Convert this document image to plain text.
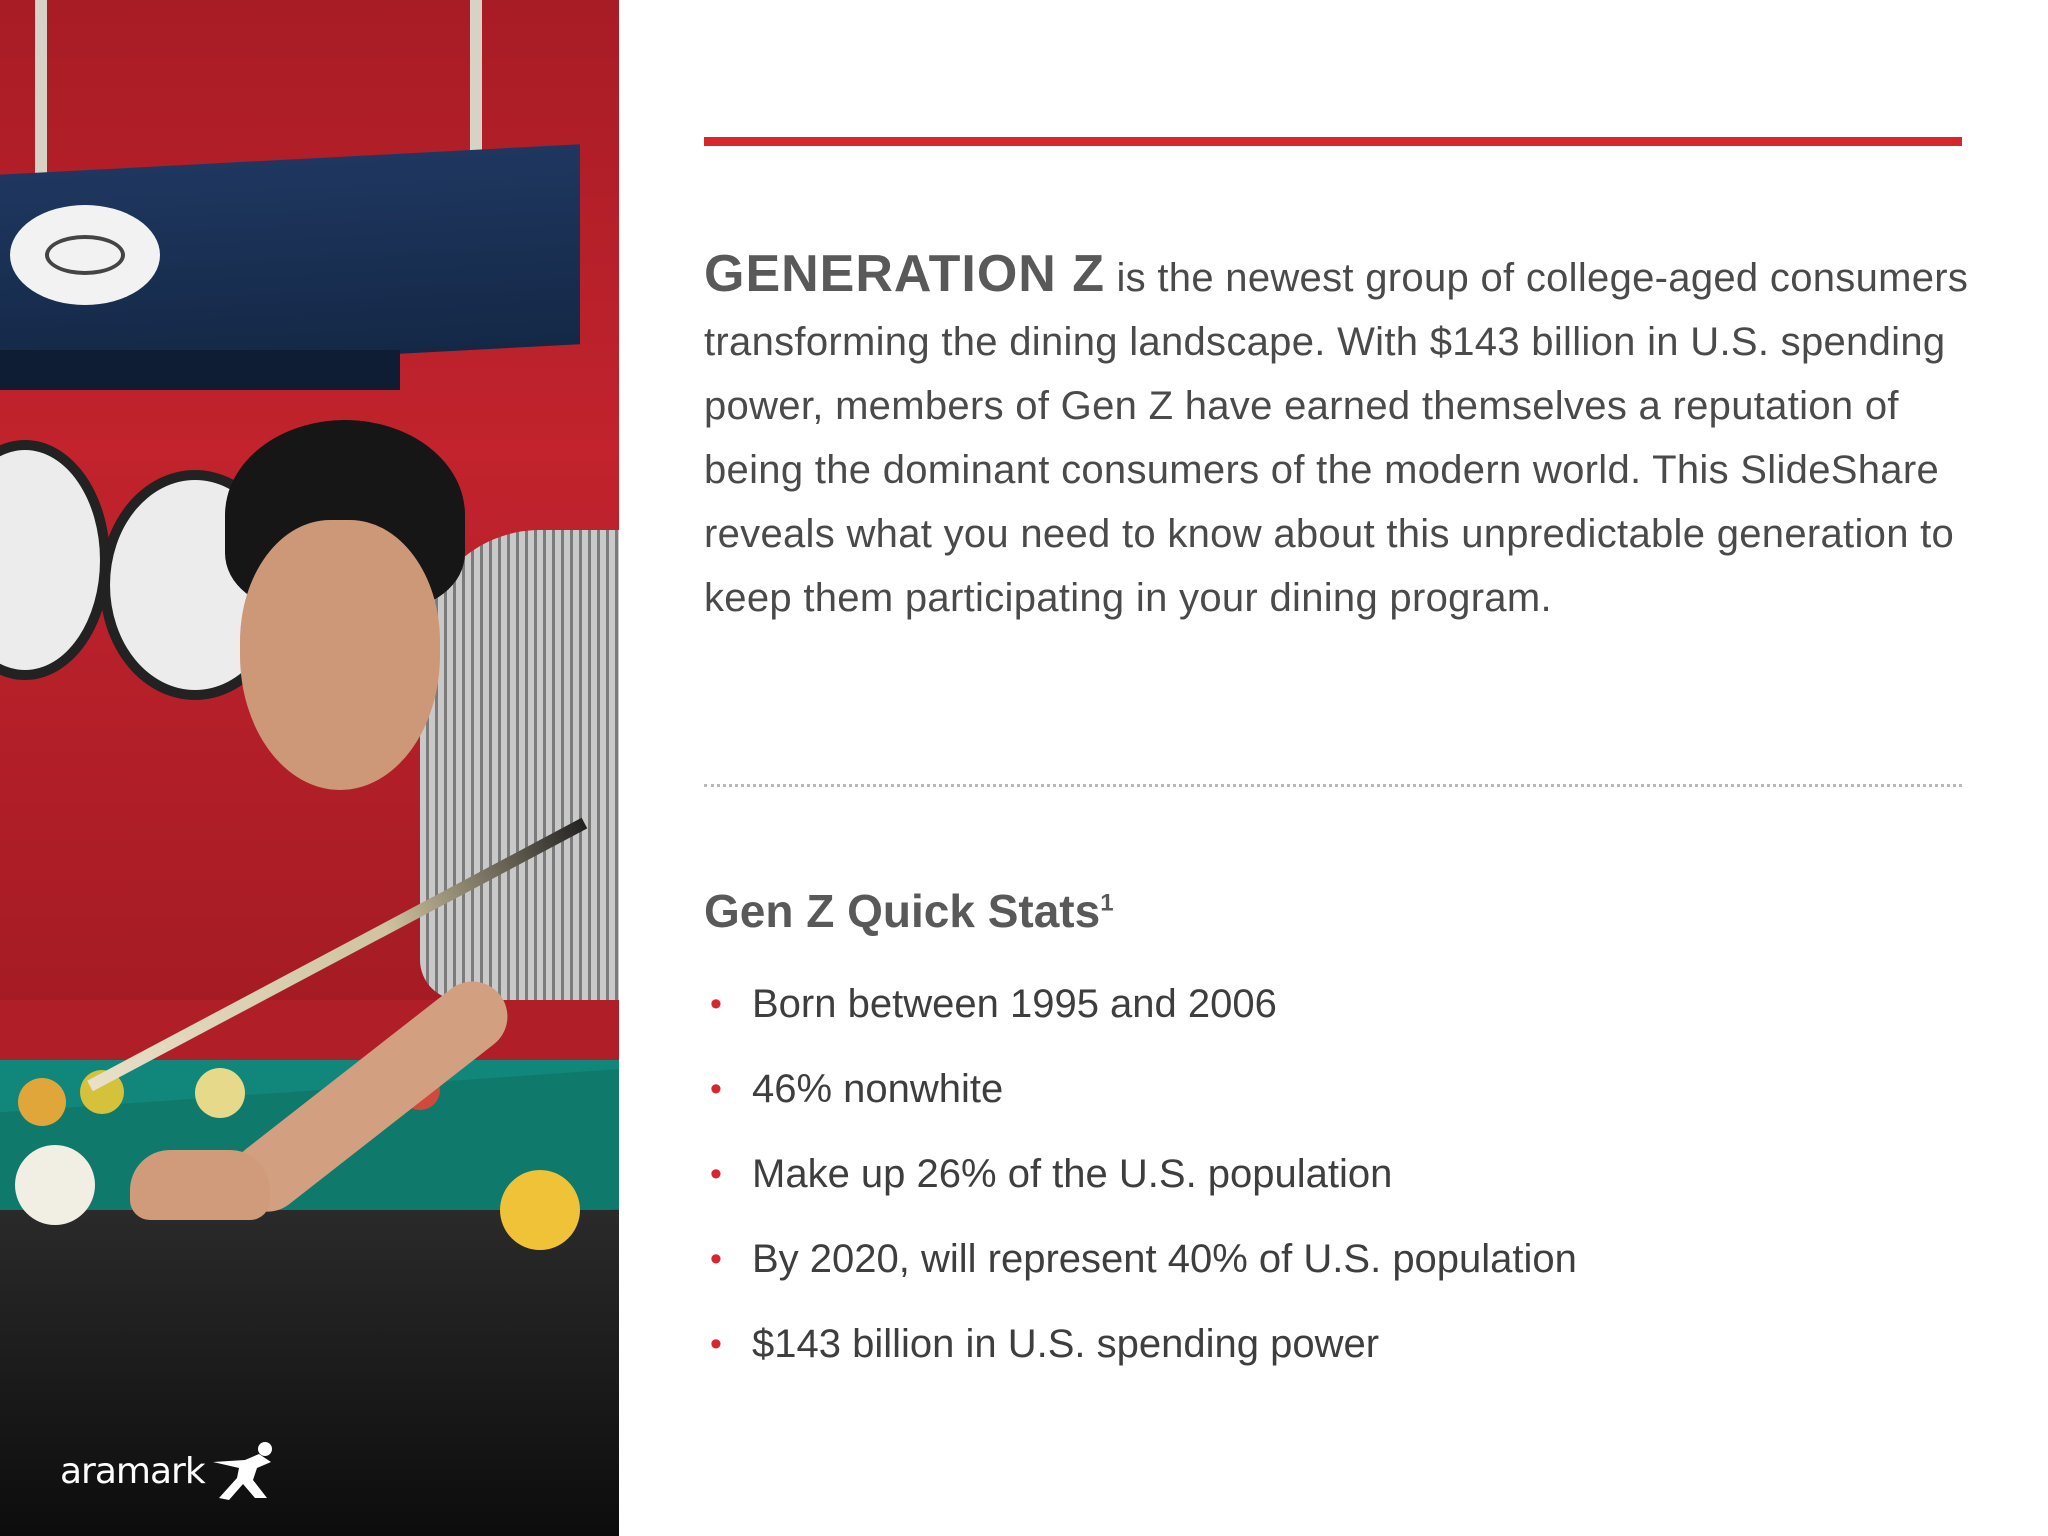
aramark

GENERATION Z is the newest group of college-aged consumers transforming the dining landscape. With $143 billion in U.S. spending power, members of Gen Z have earned themselves a reputation of being the dominant consumers of the modern world. This SlideShare reveals what you need to know about this unpredictable generation to keep them participating in your dining program.

Gen Z Quick Stats$^1$
• Born between 1995 and 2006
• 46% nonwhite
• Make up 26% of the U.S. population
• By 2020, will represent 40% of U.S. population
• $143 billion in U.S. spending power
